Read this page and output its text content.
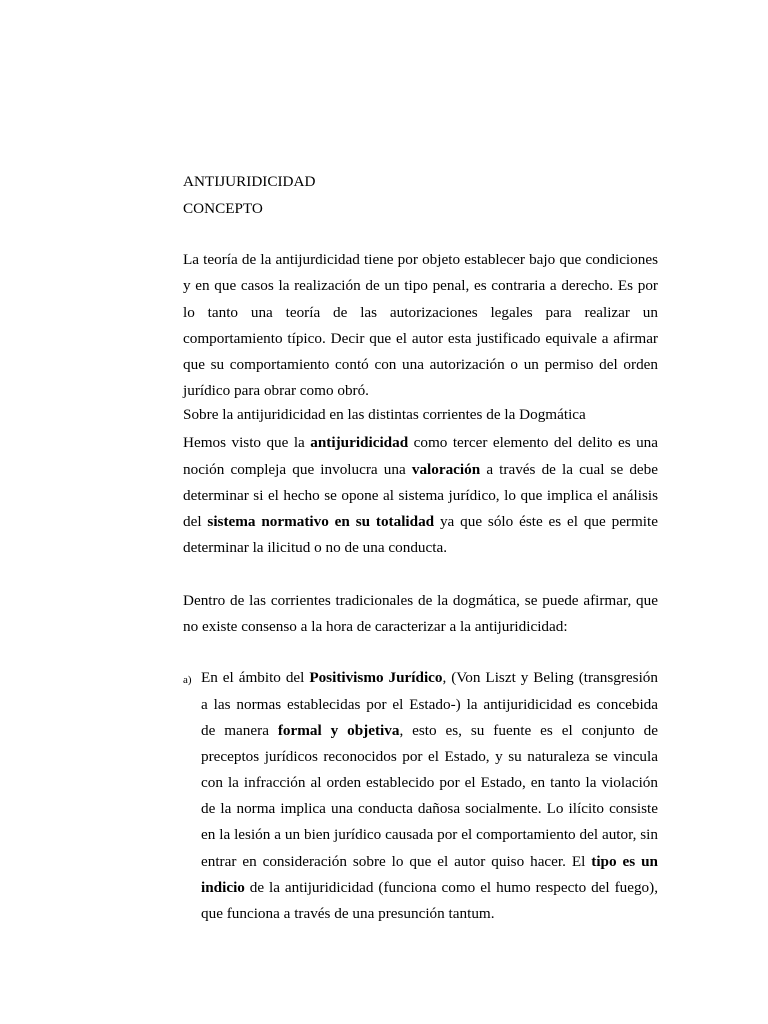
ANTIJURIDICIDAD
CONCEPTO
La teoría de la antijurdicidad tiene por objeto establecer bajo que condiciones
y en que casos la realización de un tipo penal, es contraria a derecho. Es por
lo tanto una teoría de las autorizaciones legales para realizar un
comportamiento típico. Decir que el autor esta justificado equivale a afirmar
que su comportamiento contó con una autorización o un permiso del orden
jurídico para obrar como obró.
Sobre la antijuridicidad en las distintas corrientes de la Dogmática
Hemos visto que la antijuridicidad como tercer elemento del delito es una
noción compleja que involucra una valoración a través de la cual se debe
determinar si el hecho se opone al sistema jurídico, lo que implica el análisis
del sistema normativo en su totalidad ya que sólo éste es el que permite
determinar la ilicitud o no de una conducta.
Dentro de las corrientes tradicionales de la dogmática, se puede afirmar, que
no existe consenso a la hora de caracterizar a la antijuridicidad:
a) En el ámbito del Positivismo Jurídico, (Von Liszt y Beling (transgresión
a las normas establecidas por el Estado-) la antijuridicidad es concebida
de manera formal y objetiva, esto es, su fuente es el conjunto de
preceptos jurídicos reconocidos por el Estado, y su naturaleza se vincula
con la infracción al orden establecido por el Estado, en tanto la violación
de la norma implica una conducta dañosa socialmente. Lo ilícito consiste
en la lesión a un bien jurídico causada por el comportamiento del autor, sin
entrar en consideración sobre lo que el autor quiso hacer. El tipo es un
indicio de la antijuridicidad (funciona como el humo respecto del fuego),
que funciona a través de una presunción tantum.
